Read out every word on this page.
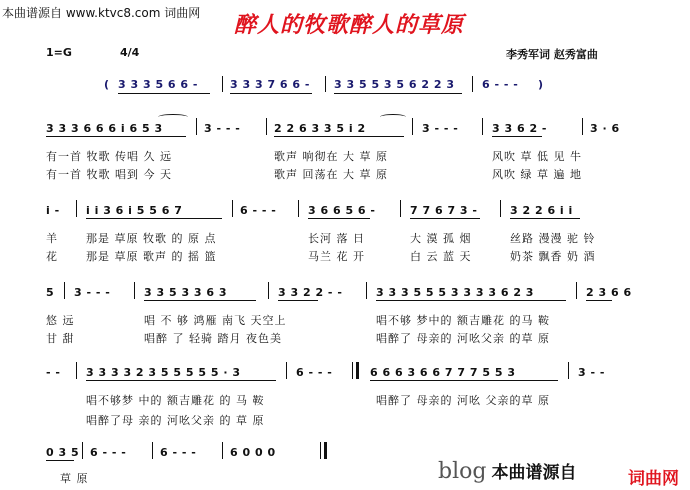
本曲谱源自 www.ktvc8.com 词曲网 醉人的牧歌醉人的草原
1=G	4/4	李秀军词 赵秀富曲
( 3 3 3 5 6 6 -	3 3 3 7 6 6 - 3 3 5 5 3 5 6 2 2 3 6 - - - )
3 3 3 6 6 6 i 6 5 3	3 - - -	2 2 6 3 3 5 i 2	3 - - -	3 3 6 2 -	3 · 6
有一首 牧歌 传唱 久 远	歌声 响彻在 大 草 原	风吹 草 低 见 牛
有一首 牧歌 唱到 今 天	歌声 回荡在 大 草 原	风吹 绿 草 遍 地
i - i i 3 6 i 5 5 6 7	6 - - -	3 6 6 5 6 -	7 7 6 7 3 -	3 2 2 6 i i
羊	那是 草原 牧歌 的 原 点	长河 落 日	大 漠 孤 烟	丝路 漫漫 驼 铃
花	那是 草原 歌声 的 摇 篮	马兰 花 开	白 云 蓝 天	奶茶 飘香 奶 酒
5 3 - - -	3 3 5 3 3 6 3	3 3 2 2 - -	3 3 3 5 5 5 3 3 3 3 6 2 3	2 3 6 6
悠 远	唱 不 够 鸿雁 南飞 天空上	唱不够 梦中的 额吉雕花 的马 鞍
甘 甜	唱醉 了 轻骑 踏月 夜色美	唱醉了 母亲的 河吆父亲 的草 原
- - 3 3 3 3 2 3 5 5 5 5 5 · 3	6 - - -	6 6 6 3 6 6 7 7 7 5 5 3	3 - -
唱不够梦 中的 额吉雕花 的 马 鞍	唱醉了 母亲的 河吆 父亲的草 原
唱醉了母 亲的 河吆父亲 的 草 原
0 3 5 6 - - -	6 - - -	6 0 0 0
草 原	blog 本曲谱源自	词曲网
